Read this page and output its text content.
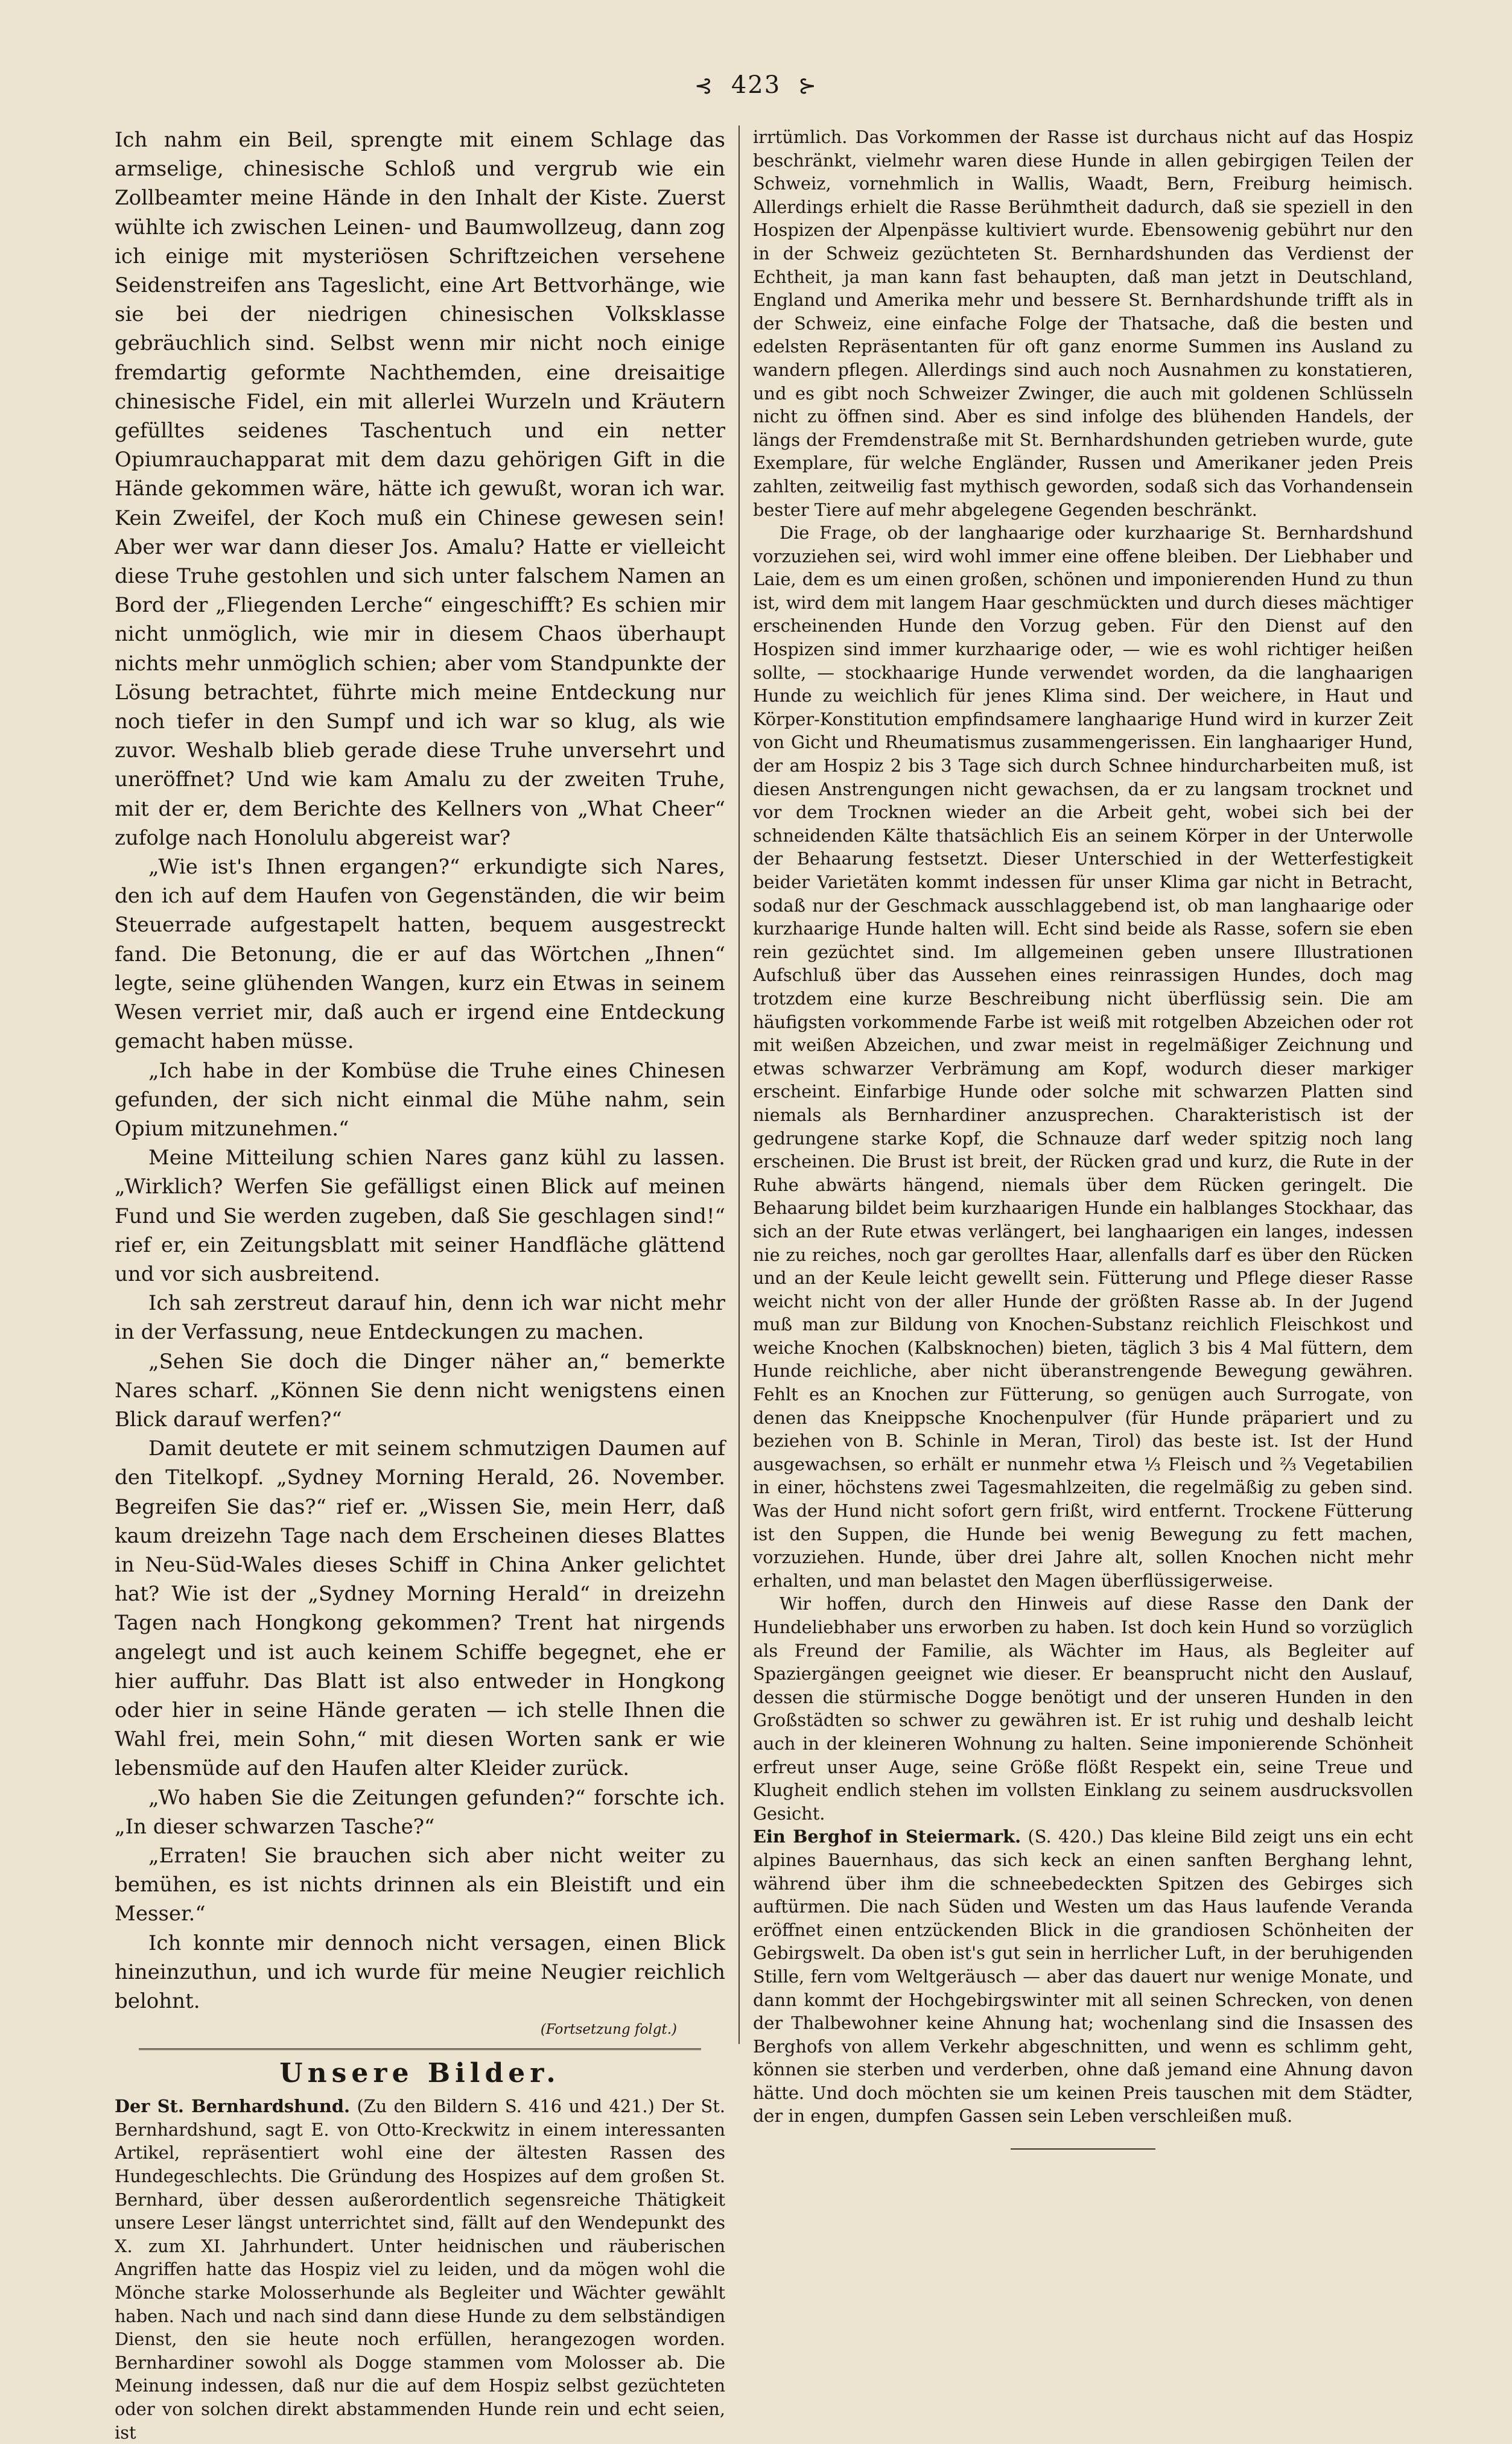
⊰ 423 ⊱

Ich nahm ein Beil, sprengte mit einem Schlage das armselige, chinesische Schloß und vergrub wie ein Zollbeamter meine Hände in den Inhalt der Kiste. Zuerst wühlte ich zwischen Leinen- und Baumwollzeug, dann zog ich einige mit mysteriösen Schriftzeichen versehene Seidenstreifen ans Tageslicht, eine Art Bettvorhänge, wie sie bei der niedrigen chinesischen Volksklasse gebräuchlich sind. Selbst wenn mir nicht noch einige fremdartig geformte Nachthemden, eine dreisaitige chinesische Fidel, ein mit allerlei Wurzeln und Kräutern gefülltes seidenes Taschentuch und ein netter Opiumrauchapparat mit dem dazu gehörigen Gift in die Hände gekommen wäre, hätte ich gewußt, woran ich war. Kein Zweifel, der Koch muß ein Chinese gewesen sein! Aber wer war dann dieser Jos. Amalu? Hatte er vielleicht diese Truhe gestohlen und sich unter falschem Namen an Bord der „Fliegenden Lerche“ eingeschifft? Es schien mir nicht unmöglich, wie mir in diesem Chaos überhaupt nichts mehr unmöglich schien; aber vom Standpunkte der Lösung betrachtet, führte mich meine Entdeckung nur noch tiefer in den Sumpf und ich war so klug, als wie zuvor. Weshalb blieb gerade diese Truhe unversehrt und uneröffnet? Und wie kam Amalu zu der zweiten Truhe, mit der er, dem Berichte des Kellners von „What Cheer“ zufolge nach Honolulu abgereist war?

„Wie ist's Ihnen ergangen?“ erkundigte sich Nares, den ich auf dem Haufen von Gegenständen, die wir beim Steuerrade aufgestapelt hatten, bequem ausgestreckt fand. Die Betonung, die er auf das Wörtchen „Ihnen“ legte, seine glühenden Wangen, kurz ein Etwas in seinem Wesen verriet mir, daß auch er irgend eine Entdeckung gemacht haben müsse.

„Ich habe in der Kombüse die Truhe eines Chinesen gefunden, der sich nicht einmal die Mühe nahm, sein Opium mitzunehmen.“

Meine Mitteilung schien Nares ganz kühl zu lassen. „Wirklich? Werfen Sie gefälligst einen Blick auf meinen Fund und Sie werden zugeben, daß Sie geschlagen sind!“ rief er, ein Zeitungsblatt mit seiner Handfläche glättend und vor sich ausbreitend.

Ich sah zerstreut darauf hin, denn ich war nicht mehr in der Verfassung, neue Entdeckungen zu machen.

„Sehen Sie doch die Dinger näher an,“ bemerkte Nares scharf. „Können Sie denn nicht wenigstens einen Blick darauf werfen?“

Damit deutete er mit seinem schmutzigen Daumen auf den Titelkopf. „Sydney Morning Herald, 26. November. Begreifen Sie das?“ rief er. „Wissen Sie, mein Herr, daß kaum dreizehn Tage nach dem Erscheinen dieses Blattes in Neu-Süd-Wales dieses Schiff in China Anker gelichtet hat? Wie ist der „Sydney Morning Herald“ in dreizehn Tagen nach Hongkong gekommen? Trent hat nirgends angelegt und ist auch keinem Schiffe begegnet, ehe er hier auffuhr. Das Blatt ist also entweder in Hongkong oder hier in seine Hände geraten — ich stelle Ihnen die Wahl frei, mein Sohn,“ mit diesen Worten sank er wie lebensmüde auf den Haufen alter Kleider zurück.

„Wo haben Sie die Zeitungen gefunden?“ forschte ich. „In dieser schwarzen Tasche?“

„Erraten! Sie brauchen sich aber nicht weiter zu bemühen, es ist nichts drinnen als ein Bleistift und ein Messer.“

Ich konnte mir dennoch nicht versagen, einen Blick hineinzuthun, und ich wurde für meine Neugier reichlich belohnt.

(Fortsetzung folgt.)
Unsere Bilder.

Der St. Bernhardshund. (Zu den Bildern S. 416 und 421.) Der St. Bernhardshund, sagt E. von Otto-Kreckwitz in einem interessanten Artikel, repräsentiert wohl eine der ältesten Rassen des Hundegeschlechts. Die Gründung des Hospizes auf dem großen St. Bernhard, über dessen außerordentlich segensreiche Thätigkeit unsere Leser längst unterrichtet sind, fällt auf den Wendepunkt des X. zum XI. Jahrhundert. Unter heidnischen und räuberischen Angriffen hatte das Hospiz viel zu leiden, und da mögen wohl die Mönche starke Molosserhunde als Begleiter und Wächter gewählt haben. Nach und nach sind dann diese Hunde zu dem selbständigen Dienst, den sie heute noch erfüllen, herangezogen worden. Bernhardiner sowohl als Dogge stammen vom Molosser ab. Die Meinung indessen, daß nur die auf dem Hospiz selbst gezüchteten oder von solchen direkt abstammenden Hunde rein und echt seien, ist

irrtümlich. Das Vorkommen der Rasse ist durchaus nicht auf das Hospiz beschränkt, vielmehr waren diese Hunde in allen gebirgigen Teilen der Schweiz, vornehmlich in Wallis, Waadt, Bern, Freiburg heimisch. Allerdings erhielt die Rasse Berühmtheit dadurch, daß sie speziell in den Hospizen der Alpenpässe kultiviert wurde. Ebensowenig gebührt nur den in der Schweiz gezüchteten St. Bernhardshunden das Verdienst der Echtheit, ja man kann fast behaupten, daß man jetzt in Deutschland, England und Amerika mehr und bessere St. Bernhardshunde trifft als in der Schweiz, eine einfache Folge der Thatsache, daß die besten und edelsten Repräsentanten für oft ganz enorme Summen ins Ausland zu wandern pflegen. Allerdings sind auch noch Ausnahmen zu konstatieren, und es gibt noch Schweizer Zwinger, die auch mit goldenen Schlüsseln nicht zu öffnen sind. Aber es sind infolge des blühenden Handels, der längs der Fremdenstraße mit St. Bernhardshunden getrieben wurde, gute Exemplare, für welche Engländer, Russen und Amerikaner jeden Preis zahlten, zeitweilig fast mythisch geworden, sodaß sich das Vorhandensein bester Tiere auf mehr abgelegene Gegenden beschränkt.

Die Frage, ob der langhaarige oder kurzhaarige St. Bernhardshund vorzuziehen sei, wird wohl immer eine offene bleiben. Der Liebhaber und Laie, dem es um einen großen, schönen und imponierenden Hund zu thun ist, wird dem mit langem Haar geschmückten und durch dieses mächtiger erscheinenden Hunde den Vorzug geben. Für den Dienst auf den Hospizen sind immer kurzhaarige oder, — wie es wohl richtiger heißen sollte, — stockhaarige Hunde verwendet worden, da die langhaarigen Hunde zu weichlich für jenes Klima sind. Der weichere, in Haut und Körper-Konstitution empfindsamere langhaarige Hund wird in kurzer Zeit von Gicht und Rheumatismus zusammengerissen. Ein langhaariger Hund, der am Hospiz 2 bis 3 Tage sich durch Schnee hindurcharbeiten muß, ist diesen Anstrengungen nicht gewachsen, da er zu langsam trocknet und vor dem Trocknen wieder an die Arbeit geht, wobei sich bei der schneidenden Kälte thatsächlich Eis an seinem Körper in der Unterwolle der Behaarung festsetzt. Dieser Unterschied in der Wetterfestigkeit beider Varietäten kommt indessen für unser Klima gar nicht in Betracht, sodaß nur der Geschmack ausschlaggebend ist, ob man langhaarige oder kurzhaarige Hunde halten will. Echt sind beide als Rasse, sofern sie eben rein gezüchtet sind. Im allgemeinen geben unsere Illustrationen Aufschluß über das Aussehen eines reinrassigen Hundes, doch mag trotzdem eine kurze Beschreibung nicht überflüssig sein. Die am häufigsten vorkommende Farbe ist weiß mit rotgelben Abzeichen oder rot mit weißen Abzeichen, und zwar meist in regelmäßiger Zeichnung und etwas schwarzer Verbrämung am Kopf, wodurch dieser markiger erscheint. Einfarbige Hunde oder solche mit schwarzen Platten sind niemals als Bernhardiner anzusprechen. Charakteristisch ist der gedrungene starke Kopf, die Schnauze darf weder spitzig noch lang erscheinen. Die Brust ist breit, der Rücken grad und kurz, die Rute in der Ruhe abwärts hängend, niemals über dem Rücken geringelt. Die Behaarung bildet beim kurzhaarigen Hunde ein halblanges Stockhaar, das sich an der Rute etwas verlängert, bei langhaarigen ein langes, indessen nie zu reiches, noch gar gerolltes Haar, allenfalls darf es über den Rücken und an der Keule leicht gewellt sein. Fütterung und Pflege dieser Rasse weicht nicht von der aller Hunde der größten Rasse ab. In der Jugend muß man zur Bildung von Knochen-Substanz reichlich Fleischkost und weiche Knochen (Kalbsknochen) bieten, täglich 3 bis 4 Mal füttern, dem Hunde reichliche, aber nicht überanstrengende Bewegung gewähren. Fehlt es an Knochen zur Fütterung, so genügen auch Surrogate, von denen das Kneippsche Knochenpulver (für Hunde präpariert und zu beziehen von B. Schinle in Meran, Tirol) das beste ist. Ist der Hund ausgewachsen, so erhält er nunmehr etwa ⅓ Fleisch und ⅔ Vegetabilien in einer, höchstens zwei Tagesmahlzeiten, die regelmäßig zu geben sind. Was der Hund nicht sofort gern frißt, wird entfernt. Trockene Fütterung ist den Suppen, die Hunde bei wenig Bewegung zu fett machen, vorzuziehen. Hunde, über drei Jahre alt, sollen Knochen nicht mehr erhalten, und man belastet den Magen überflüssigerweise.

Wir hoffen, durch den Hinweis auf diese Rasse den Dank der Hundeliebhaber uns erworben zu haben. Ist doch kein Hund so vorzüglich als Freund der Familie, als Wächter im Haus, als Begleiter auf Spaziergängen geeignet wie dieser. Er beansprucht nicht den Auslauf, dessen die stürmische Dogge benötigt und der unseren Hunden in den Großstädten so schwer zu gewähren ist. Er ist ruhig und deshalb leicht auch in der kleineren Wohnung zu halten. Seine imponierende Schönheit erfreut unser Auge, seine Größe flößt Respekt ein, seine Treue und Klugheit endlich stehen im vollsten Einklang zu seinem ausdrucksvollen Gesicht.

Ein Berghof in Steiermark. (S. 420.) Das kleine Bild zeigt uns ein echt alpines Bauernhaus, das sich keck an einen sanften Berghang lehnt, während über ihm die schneebedeckten Spitzen des Gebirges sich auftürmen. Die nach Süden und Westen um das Haus laufende Veranda eröffnet einen entzückenden Blick in die grandiosen Schönheiten der Gebirgswelt. Da oben ist's gut sein in herrlicher Luft, in der beruhigenden Stille, fern vom Weltgeräusch — aber das dauert nur wenige Monate, und dann kommt der Hochgebirgswinter mit all seinen Schrecken, von denen der Thalbewohner keine Ahnung hat; wochenlang sind die Insassen des Berghofs von allem Verkehr abgeschnitten, und wenn es schlimm geht, können sie sterben und verderben, ohne daß jemand eine Ahnung davon hätte. Und doch möchten sie um keinen Preis tauschen mit dem Städter, der in engen, dumpfen Gassen sein Leben verschleißen muß.
